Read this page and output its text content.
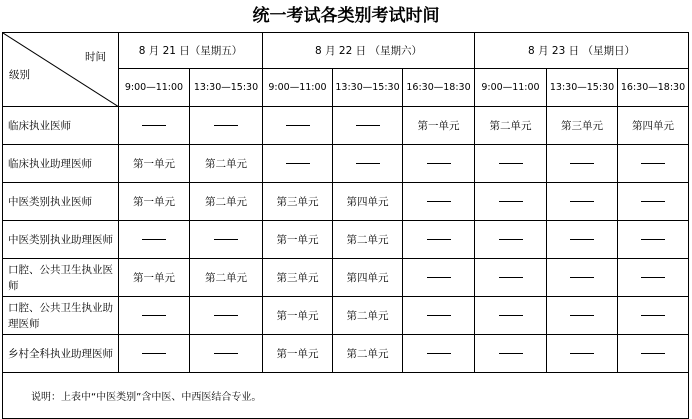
统一考试各类别考试时间
时间
级别	8 月 21 日（星期五）		8 月 22 日 （星期六）			8 月 23 日 （星期日）		
	9:00—11:00	13:30—15:30	9:00—11:00	13:30—15:30	16:30—18:30	9:00—11:00	13:30—15:30	16:30—18:30
临床执业医师					第一单元	第二单元	第三单元	第四单元
临床执业助理医师	第一单元	第二单元						
中医类别执业医师	第一单元	第二单元	第三单元	第四单元				
中医类别执业助理医师			第一单元	第二单元				
口腔、公共卫生执业医师	第一单元	第二单元	第三单元	第四单元				
口腔、公共卫生执业助理医师			第一单元	第二单元				
乡村全科执业助理医师			第一单元	第二单元				
说明：上表中“中医类别”含中医、中西医结合专业。								
